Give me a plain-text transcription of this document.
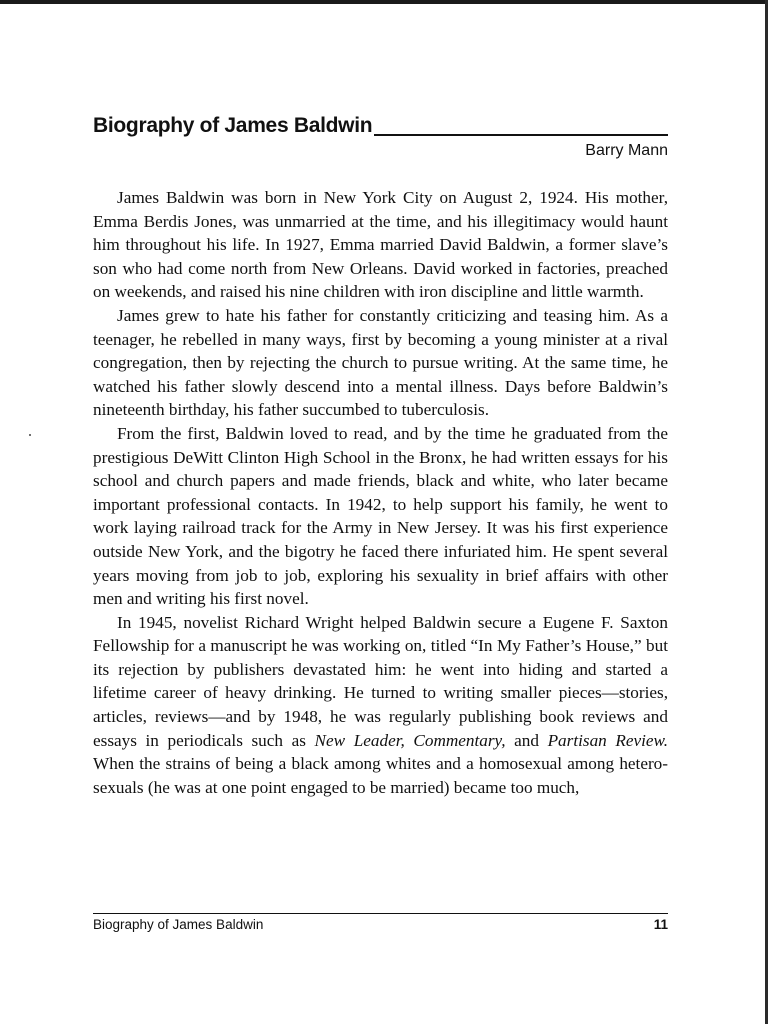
Biography of James Baldwin
Barry Mann

James Baldwin was born in New York City on August 2, 1924. His mother, Emma Berdis Jones, was unmarried at the time, and his illegitimacy would haunt him throughout his life. In 1927, Emma married David Baldwin, a former slave’s son who had come north from New Orleans. David worked in factories, preached on weekends, and raised his nine children with iron discipline and little warmth.

James grew to hate his father for constantly criticizing and teasing him. As a teenager, he rebelled in many ways, first by becoming a young minister at a rival congregation, then by rejecting the church to pursue writing. At the same time, he watched his father slowly descend into a mental illness. Days before Baldwin’s nineteenth birthday, his father succumbed to tuberculosis.

From the first, Baldwin loved to read, and by the time he graduated from the prestigious DeWitt Clinton High School in the Bronx, he had written essays for his school and church papers and made friends, black and white, who later became important professional contacts. In 1942, to help support his family, he went to work laying railroad track for the Army in New Jersey. It was his first experience outside New York, and the bigotry he faced there infuriated him. He spent several years moving from job to job, exploring his sexuality in brief affairs with other men and writing his first novel.

In 1945, novelist Richard Wright helped Baldwin secure a Eugene F. Saxton Fellowship for a manuscript he was working on, titled “In My Father’s House,” but its rejection by publishers devastated him: he went into hiding and started a lifetime career of heavy drinking. He turned to writing smaller pieces—stories, articles, reviews—and by 1948, he was regularly publishing book reviews and essays in periodicals such as New Leader, Commentary, and Partisan Review. When the strains of being a black among whites and a homosexual among heterosexuals (he was at one point engaged to be married) became too much,

Biography of James Baldwin	11
